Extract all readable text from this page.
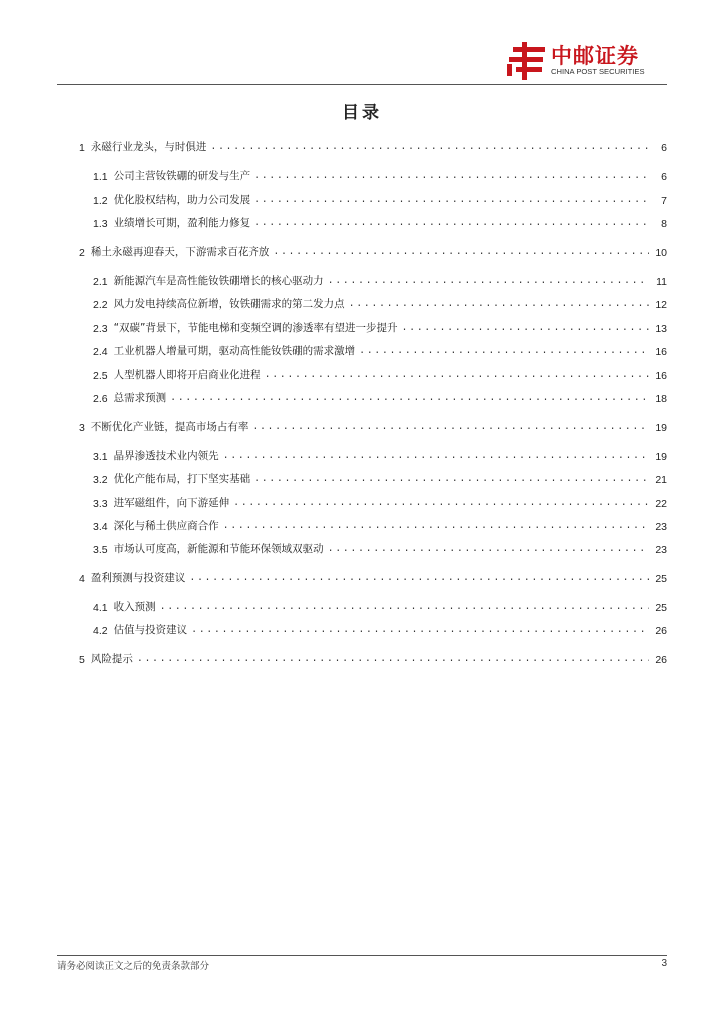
中邮证券
CHINA POST SECURITIES
目录
1 永磁行业龙头，与时俱进 .....	6
1.1 公司主营钕铁硼的研发与生产 .....	6
1.2 优化股权结构，助力公司发展 .....	7
1.3 业绩增长可期，盈利能力修复 .....	8
2 稀土永磁再迎春天，下游需求百花齐放 .....	10
2.1 新能源汽车是高性能钕铁硼增长的核心驱动力 .....	11
2.2 风力发电持续高位新增，钕铁硼需求的第二发力点 .....	12
2.3 “双碳”背景下，节能电梯和变频空调的渗透率有望进一步提升 .....	13
2.4 工业机器人增量可期，驱动高性能钕铁硼的需求激增 .....	16
2.5 人型机器人即将开启商业化进程 .....	16
2.6 总需求预测 .....	18
3 不断优化产业链，提高市场占有率 .....	19
3.1 晶界渗透技术业内领先 .....	19
3.2 优化产能布局，打下坚实基础 .....	21
3.3 进军磁组件，向下游延伸 .....	22
3.4 深化与稀土供应商合作 .....	23
3.5 市场认可度高，新能源和节能环保领域双驱动 .....	23
4 盈利预测与投资建议 .....	25
4.1 收入预测 .....	25
4.2 估值与投资建议 .....	26
5 风险提示 .....	26
请务必阅读正文之后的免责条款部分	3
